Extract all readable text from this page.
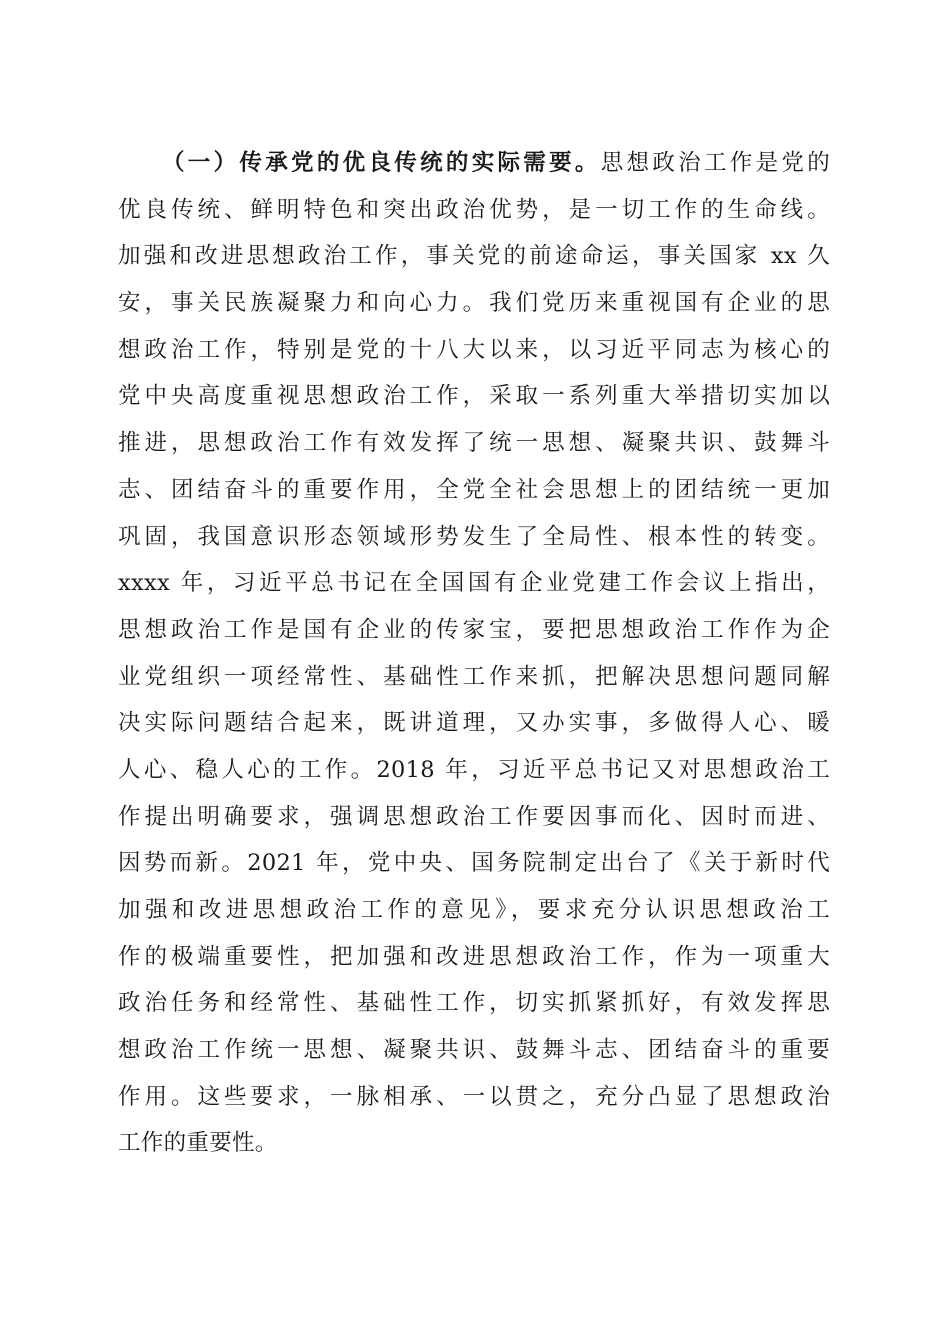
（一）传承党的优良传统的实际需要。思想政治工作是党的
优良传统、鲜明特色和突出政治优势，是一切工作的生命线。
加强和改进思想政治工作，事关党的前途命运，事关国家 xx 久
安，事关民族凝聚力和向心力。我们党历来重视国有企业的思
想政治工作，特别是党的十八大以来，以习近平同志为核心的
党中央高度重视思想政治工作，采取一系列重大举措切实加以
推进，思想政治工作有效发挥了统一思想、凝聚共识、鼓舞斗
志、团结奋斗的重要作用，全党全社会思想上的团结统一更加
巩固，我国意识形态领域形势发生了全局性、根本性的转变。
xxxx 年，习近平总书记在全国国有企业党建工作会议上指出，
思想政治工作是国有企业的传家宝，要把思想政治工作作为企
业党组织一项经常性、基础性工作来抓，把解决思想问题同解
决实际问题结合起来，既讲道理，又办实事，多做得人心、暖
人心、稳人心的工作。2018 年，习近平总书记又对思想政治工
作提出明确要求，强调思想政治工作要因事而化、因时而进、
因势而新。2021 年，党中央、国务院制定出台了《关于新时代
加强和改进思想政治工作的意见》，要求充分认识思想政治工
作的极端重要性，把加强和改进思想政治工作，作为一项重大
政治任务和经常性、基础性工作，切实抓紧抓好，有效发挥思
想政治工作统一思想、凝聚共识、鼓舞斗志、团结奋斗的重要
作用。这些要求，一脉相承、一以贯之，充分凸显了思想政治
工作的重要性。
